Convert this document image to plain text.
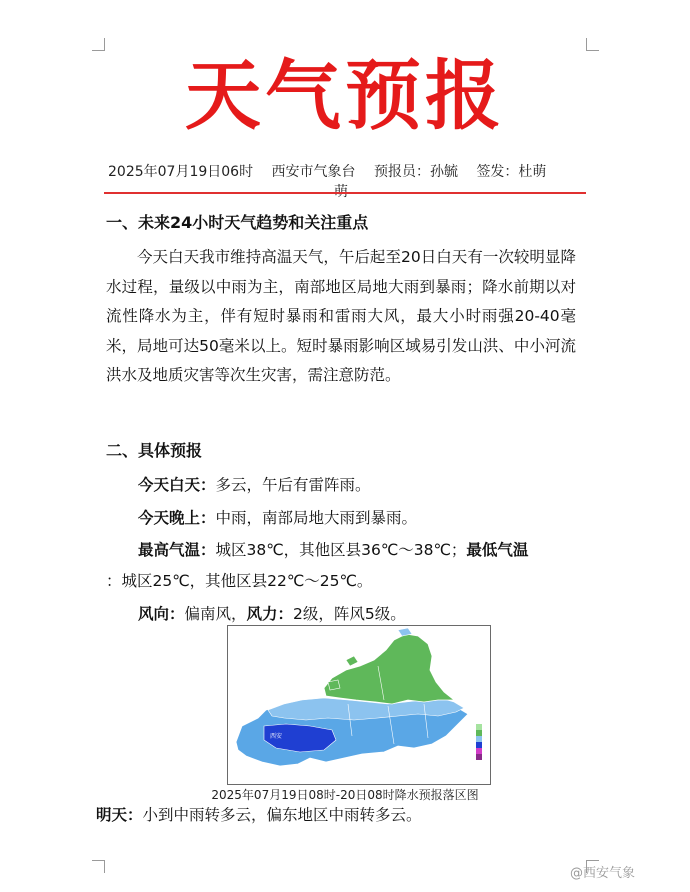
天气预报
2025年07月19日06时 西安市气象台 预报员：孙毓 签发：杜萌
一、未来24小时天气趋势和关注重点
今天白天我市维持高温天气，午后起至20日白天有一次较明显降水过程，量级以中雨为主，南部地区局地大雨到暴雨；降水前期以对流性降水为主，伴有短时暴雨和雷雨大风，最大小时雨强20-40毫米，局地可达50毫米以上。短时暴雨影响区域易引发山洪、中小河流洪水及地质灾害等次生灾害，需注意防范。
二、具体预报
今天白天：多云，午后有雷阵雨。
今天晚上：中雨，南部局地大雨到暴雨。
最高气温：城区38℃，其他区县36℃～38℃；最低气温
：城区25℃，其他区县22℃～25℃。
风向：偏南风，风力：2级，阵风5级。
西安
2025年07月19日08时-20日08时降水预报落区图
明天：小到中雨转多云，偏东地区中雨转多云。
@西安气象
